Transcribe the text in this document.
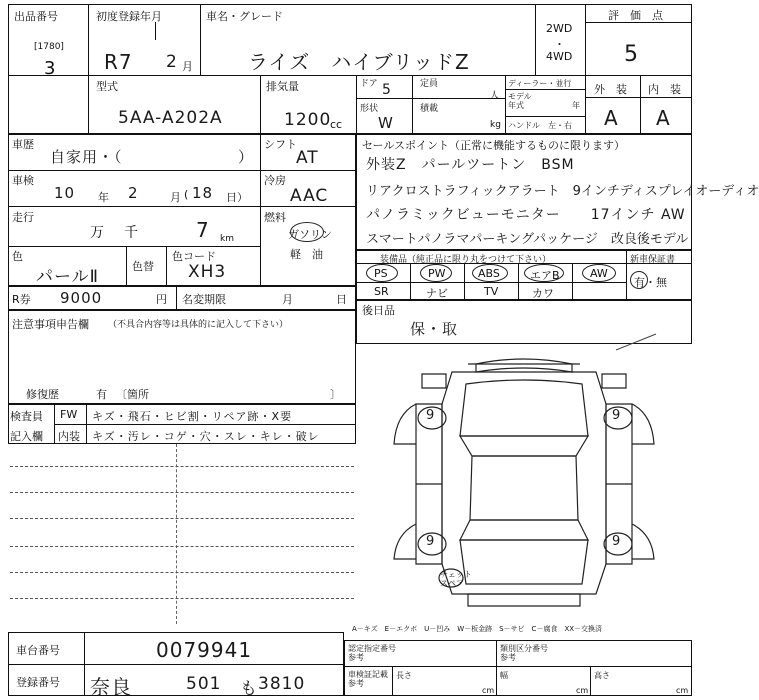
出品番号
[1780]
3
初度登録年月
R7 2 月
車名・グレード
ライズ　ハイブリッドZ
2WD
・
4WD
評　価　点
5
型式
5AA-A202A
排気量
1200
cc
ドア 5	定員
人
形状
W
積載
kg
ディーラー・並行
モデル
年式	年
ハンドル　左・右
外　装 内　装
A A
車歴
自家用・（	）
シフト
AT
車検
10 年 2	月 ( 18 日）
冷房
AAC
走行
万 千	7 km
燃料
ガソリン
軽　油
色
パールⅡ
色替
色コード
XH3
R券 9000	円 名変期限	月	日
注意事項申告欄 （不具合内容等は具体的に記入して下さい）
修復歴	有 〔箇所	〕
検査員
記入欄
FW キズ・飛石・ヒビ割・リペア跡・X要
内装 キズ・汚レ・コゲ・穴・スレ・キレ・破レ
セールスポイント（正常に機能するものに限ります）
外装Z　パールツートン　BSM
リアクロストラフィックアラート　9インチディスプレイオーディオ
パノラミックビューモニター　　17インチ AW
スマートパノラマパーキングパッケージ　改良後モデル
装備品（純正品に限り丸をつけて下さい）	新車保証書
有・無
PS	PW	ABS	エアB	AW
SR	ナビ	TV	カワ
後日品
保・取
9	9
9	9
チェット
スペア
A－キズ　E－エクボ　U－凹み　W－板金跡　S－サビ　C－腐食　XX－交換済
車台番号	0079941
登録番号 奈良	501 も 3810
認定指定番号
参考
類別区分番号
参考
車検証記載
参考
長さ	幅	高さ
cm	cm	cm
